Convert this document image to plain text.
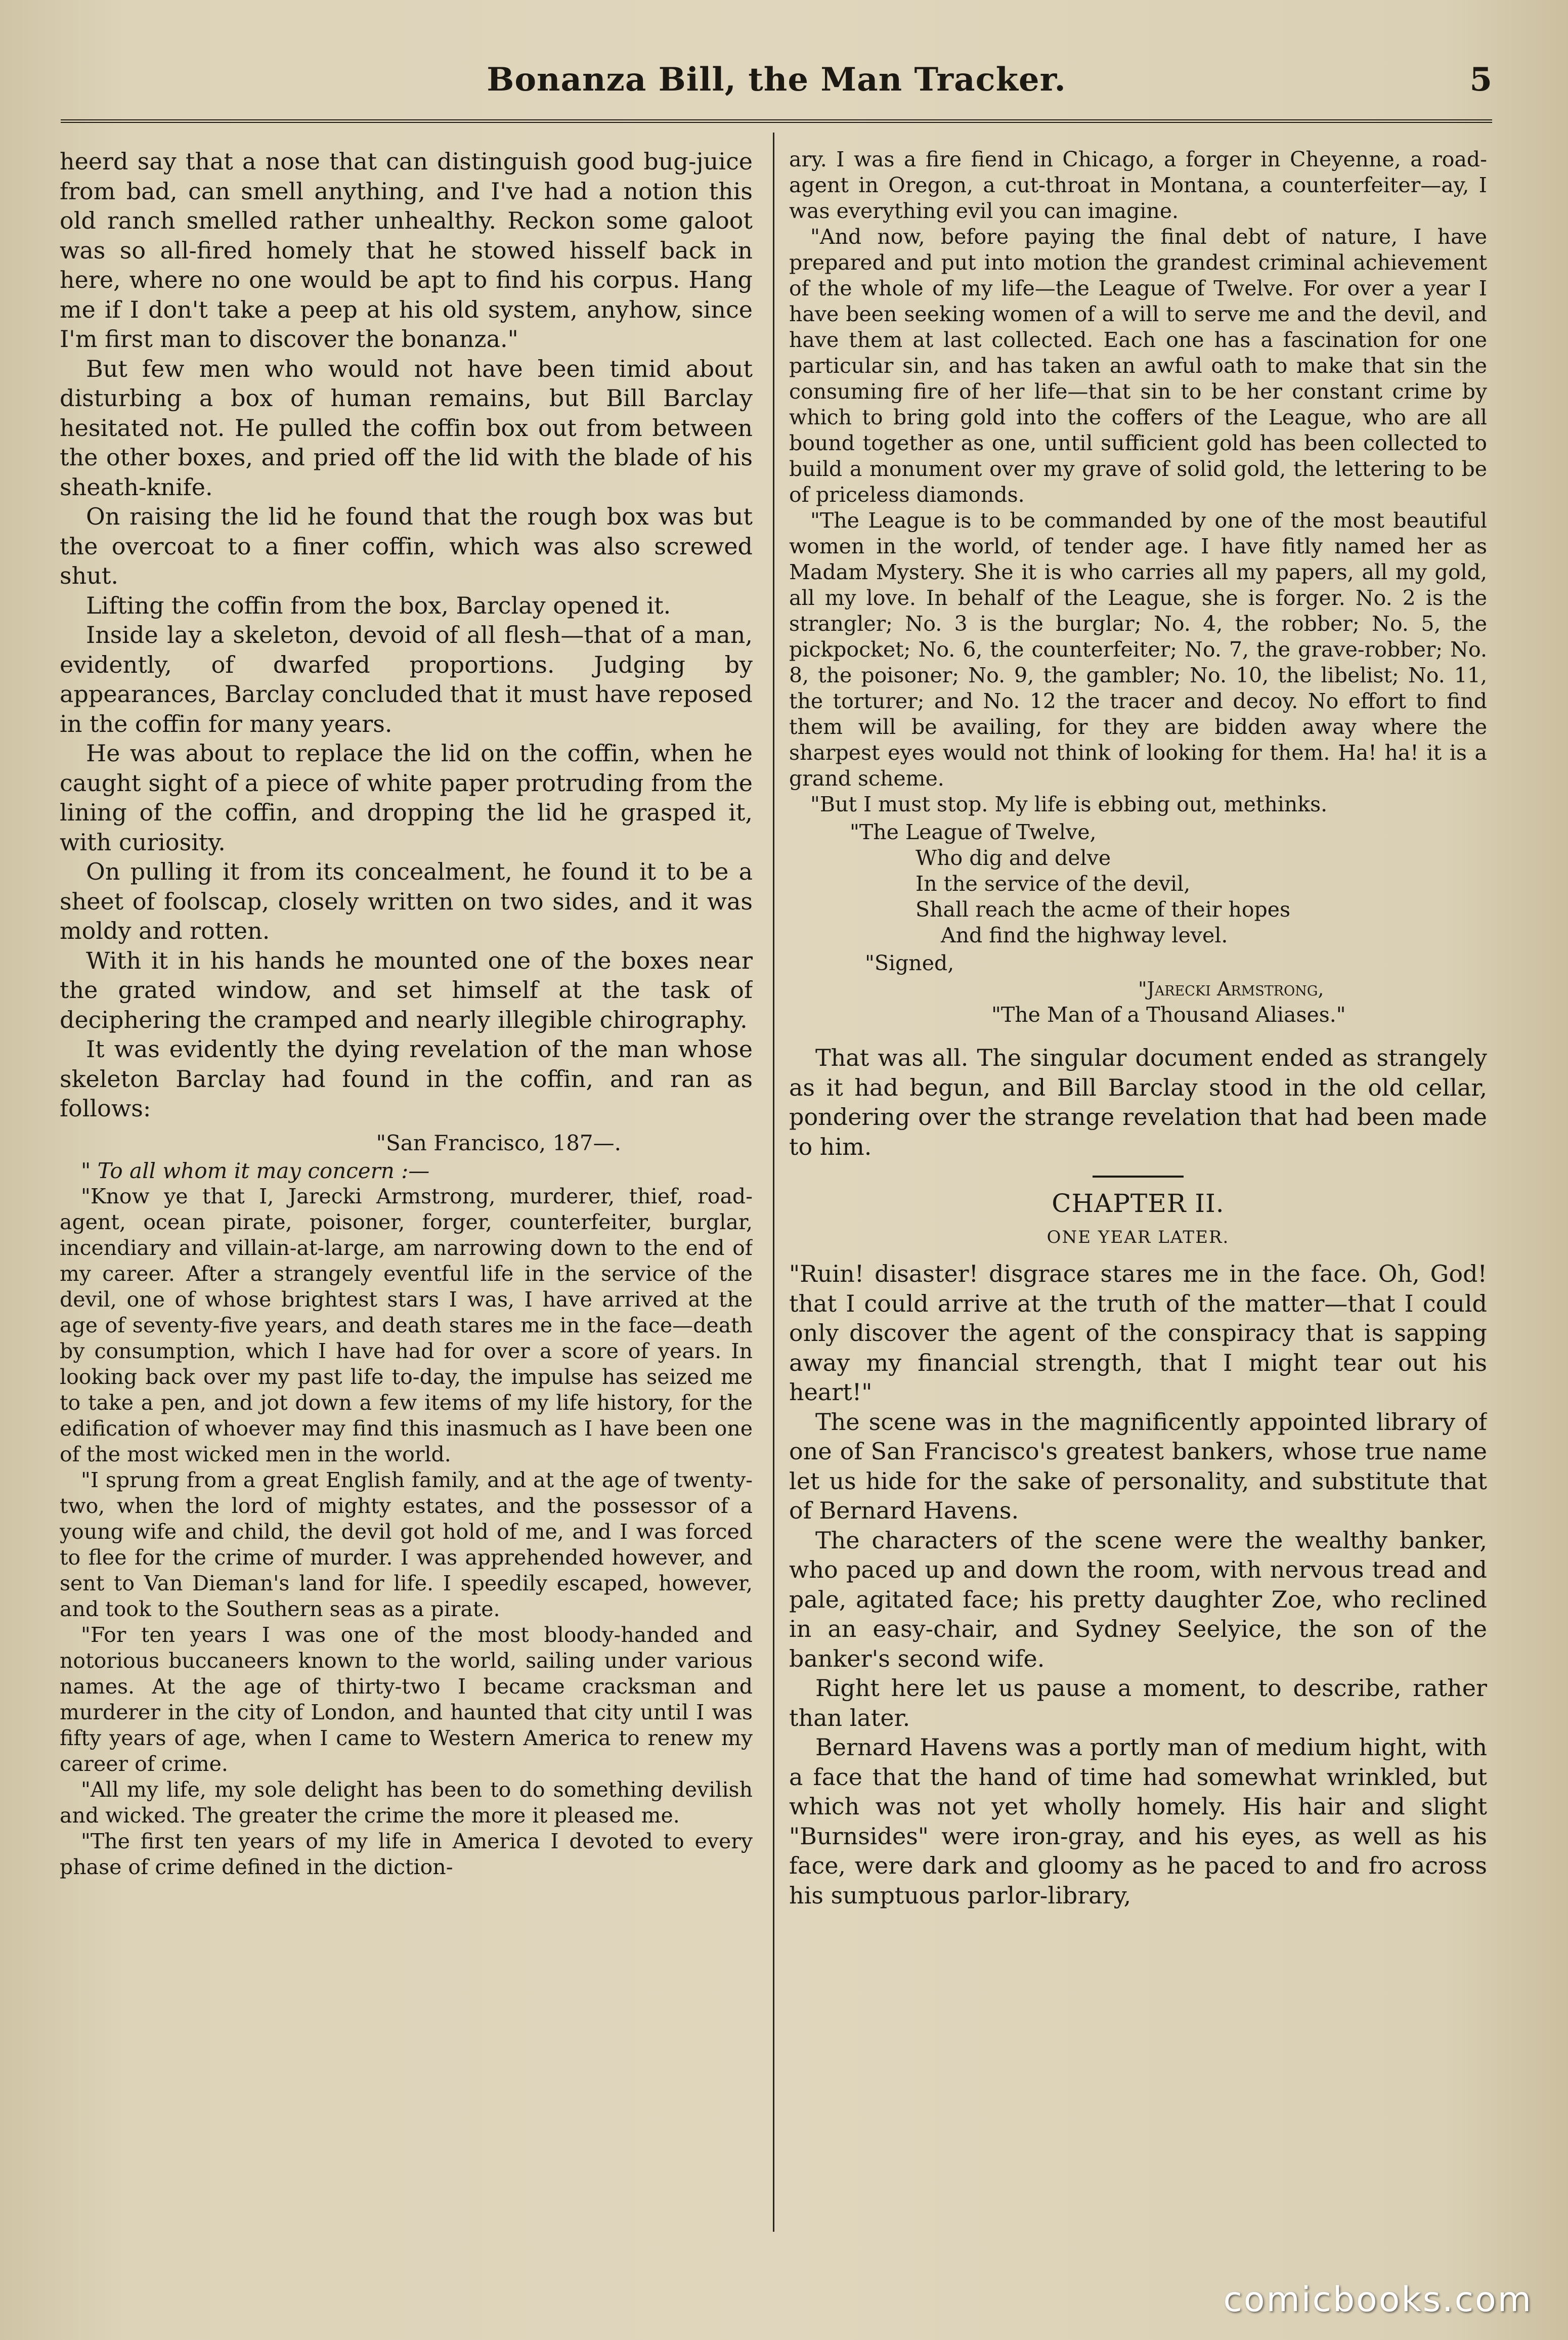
Bonanza Bill, the Man Tracker.	5

heerd say that a nose that can distinguish good bug-juice from bad, can smell anything, and I've had a notion this old ranch smelled rather unhealthy. Reckon some galoot was so all-fired homely that he stowed hisself back in here, where no one would be apt to find his corpus. Hang me if I don't take a peep at his old system, anyhow, since I'm first man to discover the bonanza."

But few men who would not have been timid about disturbing a box of human remains, but Bill Barclay hesitated not. He pulled the coffin box out from between the other boxes, and pried off the lid with the blade of his sheath-knife.

On raising the lid he found that the rough box was but the overcoat to a finer coffin, which was also screwed shut.

Lifting the coffin from the box, Barclay opened it.

Inside lay a skeleton, devoid of all flesh—that of a man, evidently, of dwarfed proportions. Judging by appearances, Barclay concluded that it must have reposed in the coffin for many years.

He was about to replace the lid on the coffin, when he caught sight of a piece of white paper protruding from the lining of the coffin, and dropping the lid he grasped it, with curiosity.

On pulling it from its concealment, he found it to be a sheet of foolscap, closely written on two sides, and it was moldy and rotten.

With it in his hands he mounted one of the boxes near the grated window, and set himself at the task of deciphering the cramped and nearly illegible chirography.

It was evidently the dying revelation of the man whose skeleton Barclay had found in the coffin, and ran as follows:

"San Francisco, 187—.

" To all whom it may concern :—

"Know ye that I, Jarecki Armstrong, murderer, thief, road-agent, ocean pirate, poisoner, forger, counterfeiter, burglar, incendiary and villain-at-large, am narrowing down to the end of my career. After a strangely eventful life in the service of the devil, one of whose brightest stars I was, I have arrived at the age of seventy-five years, and death stares me in the face—death by consumption, which I have had for over a score of years. In looking back over my past life to-day, the impulse has seized me to take a pen, and jot down a few items of my life history, for the edification of whoever may find this inasmuch as I have been one of the most wicked men in the world.

"I sprung from a great English family, and at the age of twenty-two, when the lord of mighty estates, and the possessor of a young wife and child, the devil got hold of me, and I was forced to flee for the crime of murder. I was apprehended however, and sent to Van Dieman's land for life. I speedily escaped, however, and took to the Southern seas as a pirate.

"For ten years I was one of the most bloody-handed and notorious buccaneers known to the world, sailing under various names. At the age of thirty-two I became cracksman and murderer in the city of London, and haunted that city until I was fifty years of age, when I came to Western America to renew my career of crime.

"All my life, my sole delight has been to do something devilish and wicked. The greater the crime the more it pleased me.

"The first ten years of my life in America I devoted to every phase of crime defined in the diction-

ary. I was a fire fiend in Chicago, a forger in Cheyenne, a road-agent in Oregon, a cut-throat in Montana, a counterfeiter—ay, I was everything evil you can imagine.

"And now, before paying the final debt of nature, I have prepared and put into motion the grandest criminal achievement of the whole of my life—the League of Twelve. For over a year I have been seeking women of a will to serve me and the devil, and have them at last collected. Each one has a fascination for one particular sin, and has taken an awful oath to make that sin the consuming fire of her life—that sin to be her constant crime by which to bring gold into the coffers of the League, who are all bound together as one, until sufficient gold has been collected to build a monument over my grave of solid gold, the lettering to be of priceless diamonds.

"The League is to be commanded by one of the most beautiful women in the world, of tender age. I have fitly named her as Madam Mystery. She it is who carries all my papers, all my gold, all my love. In behalf of the League, she is forger. No. 2 is the strangler; No. 3 is the burglar; No. 4, the robber; No. 5, the pickpocket; No. 6, the counterfeiter; No. 7, the grave-robber; No. 8, the poisoner; No. 9, the gambler; No. 10, the libelist; No. 11, the torturer; and No. 12 the tracer and decoy. No effort to find them will be availing, for they are bidden away where the sharpest eyes would not think of looking for them. Ha! ha! it is a grand scheme.

"But I must stop. My life is ebbing out, methinks.

"The League of Twelve,
Who dig and delve
In the service of the devil,
Shall reach the acme of their hopes
And find the highway level.
"Signed,
"Jarecki Armstrong,
"The Man of a Thousand Aliases."

That was all. The singular document ended as strangely as it had begun, and Bill Barclay stood in the old cellar, pondering over the strange revelation that had been made to him.

CHAPTER II.
ONE YEAR LATER.

"Ruin! disaster! disgrace stares me in the face. Oh, God! that I could arrive at the truth of the matter—that I could only discover the agent of the conspiracy that is sapping away my financial strength, that I might tear out his heart!"

The scene was in the magnificently appointed library of one of San Francisco's greatest bankers, whose true name let us hide for the sake of personality, and substitute that of Bernard Havens.

The characters of the scene were the wealthy banker, who paced up and down the room, with nervous tread and pale, agitated face; his pretty daughter Zoe, who reclined in an easy-chair, and Sydney Seelyice, the son of the banker's second wife.

Right here let us pause a moment, to describe, rather than later.

Bernard Havens was a portly man of medium hight, with a face that the hand of time had somewhat wrinkled, but which was not yet wholly homely. His hair and slight "Burnsides" were iron-gray, and his eyes, as well as his face, were dark and gloomy as he paced to and fro across his sumptuous parlor-library,

comicbooks.com
